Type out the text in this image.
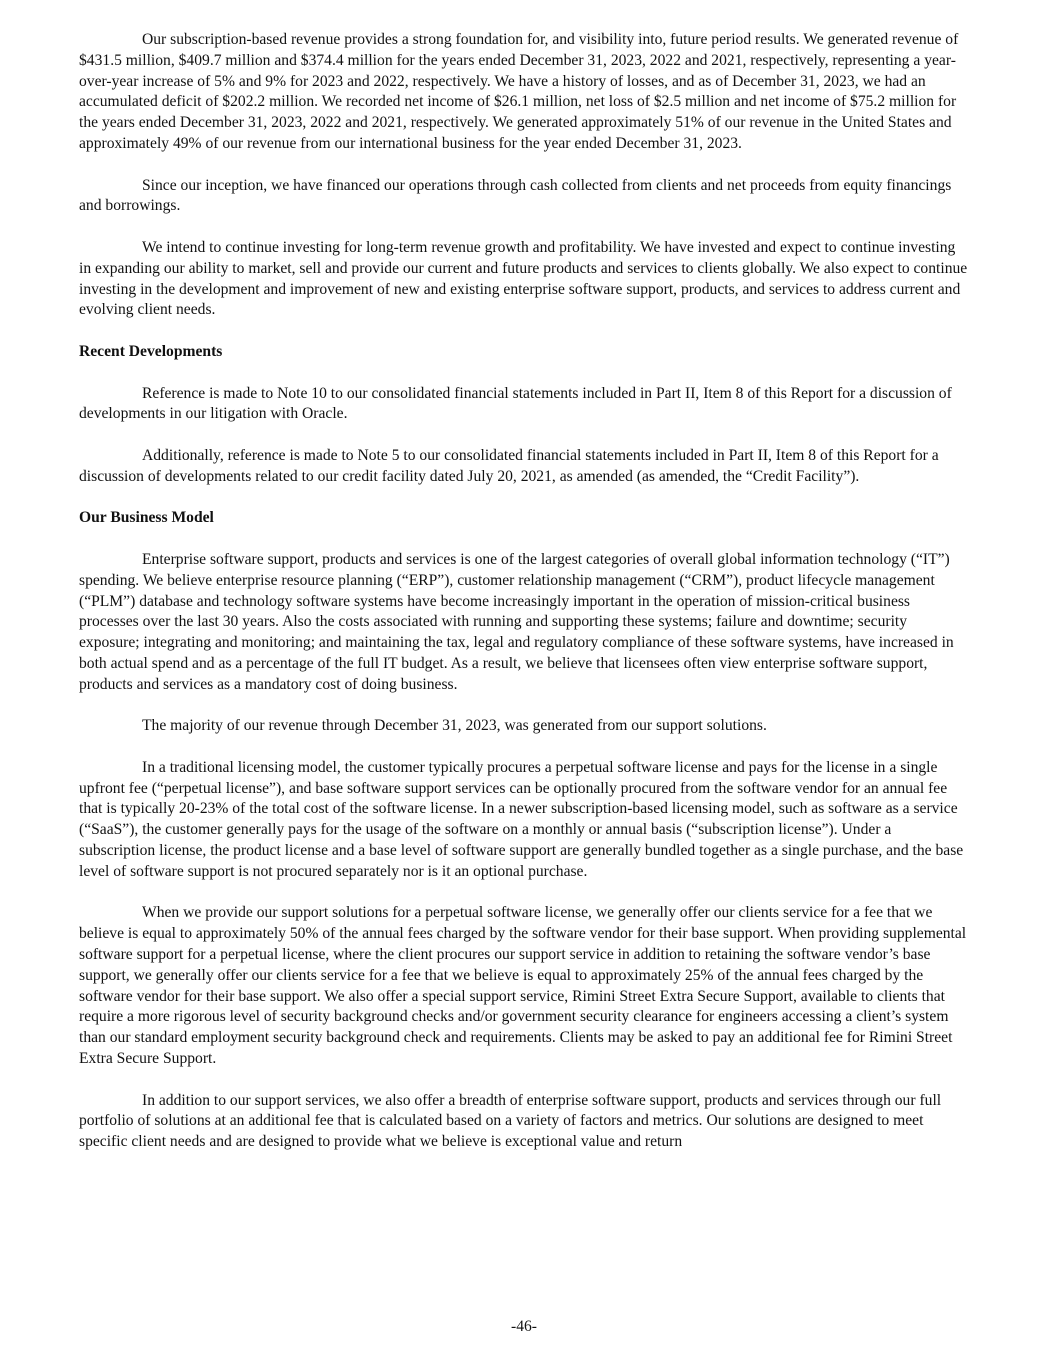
Our subscription-based revenue provides a strong foundation for, and visibility into, future period results. We generated revenue of $431.5 million, $409.7 million and $374.4 million for the years ended December 31, 2023, 2022 and 2021, respectively, representing a year-over-year increase of 5% and 9% for 2023 and 2022, respectively. We have a history of losses, and as of December 31, 2023, we had an accumulated deficit of $202.2 million. We recorded net income of $26.1 million, net loss of $2.5 million and net income of $75.2 million for the years ended December 31, 2023, 2022 and 2021, respectively. We generated approximately 51% of our revenue in the United States and approximately 49% of our revenue from our international business for the year ended December 31, 2023.

Since our inception, we have financed our operations through cash collected from clients and net proceeds from equity financings and borrowings.

We intend to continue investing for long-term revenue growth and profitability. We have invested and expect to continue investing in expanding our ability to market, sell and provide our current and future products and services to clients globally. We also expect to continue investing in the development and improvement of new and existing enterprise software support, products, and services to address current and evolving client needs.

Recent Developments

Reference is made to Note 10 to our consolidated financial statements included in Part II, Item 8 of this Report for a discussion of developments in our litigation with Oracle.

Additionally, reference is made to Note 5 to our consolidated financial statements included in Part II, Item 8 of this Report for a discussion of developments related to our credit facility dated July 20, 2021, as amended (as amended, the “Credit Facility”).

Our Business Model

Enterprise software support, products and services is one of the largest categories of overall global information technology (“IT”) spending. We believe enterprise resource planning (“ERP”), customer relationship management (“CRM”), product lifecycle management (“PLM”) database and technology software systems have become increasingly important in the operation of mission-critical business processes over the last 30 years. Also the costs associated with running and supporting these systems; failure and downtime; security exposure; integrating and monitoring; and maintaining the tax, legal and regulatory compliance of these software systems, have increased in both actual spend and as a percentage of the full IT budget. As a result, we believe that licensees often view enterprise software support, products and services as a mandatory cost of doing business.

The majority of our revenue through December 31, 2023, was generated from our support solutions.

In a traditional licensing model, the customer typically procures a perpetual software license and pays for the license in a single upfront fee (“perpetual license”), and base software support services can be optionally procured from the software vendor for an annual fee that is typically 20-23% of the total cost of the software license. In a newer subscription-based licensing model, such as software as a service (“SaaS”), the customer generally pays for the usage of the software on a monthly or annual basis (“subscription license”). Under a subscription license, the product license and a base level of software support are generally bundled together as a single purchase, and the base level of software support is not procured separately nor is it an optional purchase.

When we provide our support solutions for a perpetual software license, we generally offer our clients service for a fee that we believe is equal to approximately 50% of the annual fees charged by the software vendor for their base support. When providing supplemental software support for a perpetual license, where the client procures our support service in addition to retaining the software vendor’s base support, we generally offer our clients service for a fee that we believe is equal to approximately 25% of the annual fees charged by the software vendor for their base support. We also offer a special support service, Rimini Street Extra Secure Support, available to clients that require a more rigorous level of security background checks and/or government security clearance for engineers accessing a client’s system than our standard employment security background check and requirements. Clients may be asked to pay an additional fee for Rimini Street Extra Secure Support.

In addition to our support services, we also offer a breadth of enterprise software support, products and services through our full portfolio of solutions at an additional fee that is calculated based on a variety of factors and metrics. Our solutions are designed to meet specific client needs and are designed to provide what we believe is exceptional value and return

-46-
